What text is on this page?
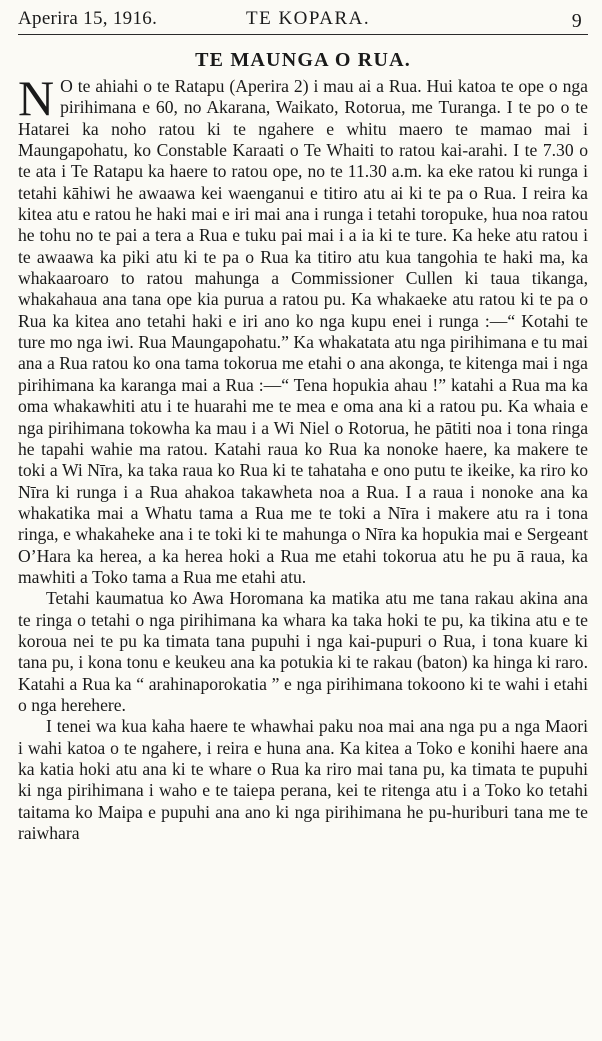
Aperira 15, 1916.	TE KOPARA.	9
TE MAUNGA O RUA.

N O te ahiahi o te Ratapu (Aperira 2) i mau ai a Rua. Hui katoa te ope o nga pirihimana e 60, no Akarana, Waikato, Rotorua, me Turanga. I te po o te Hatarei ka noho ratou ki te ngahere e whitu maero te mamao mai i Maungapohatu, ko Constable Karaati o Te Whaiti to ratou kai-arahi. I te 7.30 o te ata i Te Ratapu ka haere to ratou ope, no te 11.30 a.m. ka eke ratou ki runga i tetahi kāhiwi he awaawa kei waenganui e titiro atu ai ki te pa o Rua. I reira ka kitea atu e ratou he haki mai e iri mai ana i runga i tetahi toropuke, hua noa ratou he tohu no te pai a tera a Rua e tuku pai mai i a ia ki te ture. Ka heke atu ratou i te awaawa ka piki atu ki te pa o Rua ka titiro atu kua tangohia te haki ma, ka whakaaroaro to ratou mahunga a Commissioner Cullen ki taua tikanga, whakahaua ana tana ope kia purua a ratou pu. Ka whakaeke atu ratou ki te pa o Rua ka kitea ano tetahi haki e iri ano ko nga kupu enei i runga :—“ Kotahi te ture mo nga iwi. Rua Maungapohatu.” Ka whakatata atu nga pirihimana e tu mai ana a Rua ratou ko ona tama tokorua me etahi o ana akonga, te kitenga mai i nga pirihimana ka karanga mai a Rua :—“ Tena hopukia ahau !” katahi a Rua ma ka oma whakawhiti atu i te huarahi me te mea e oma ana ki a ratou pu. Ka whaia e nga pirihimana tokowha ka mau i a Wi Niel o Rotorua, he pātiti noa i tona ringa he tapahi wahie ma ratou. Katahi raua ko Rua ka nonoke haere, ka makere te toki a Wi Nīra, ka taka raua ko Rua ki te tahataha e ono putu te ikeike, ka riro ko Nīra ki runga i a Rua ahakoa takawheta noa a Rua. I a raua i nonoke ana ka whakatika mai a Whatu tama a Rua me te toki a Nīra i makere atu ra i tona ringa, e whakaheke ana i te toki ki te mahunga o Nīra ka hopukia mai e Sergeant O’Hara ka herea, a ka herea hoki a Rua me etahi tokorua atu he pu ā raua, ka mawhiti a Toko tama a Rua me etahi atu.

Tetahi kaumatua ko Awa Horomana ka matika atu me tana rakau akina ana te ringa o tetahi o nga pirihimana ka whara ka taka hoki te pu, ka tikina atu e te koroua nei te pu ka timata tana pupuhi i nga kai-pupuri o Rua, i tona kuare ki tana pu, i kona tonu e keukeu ana ka potukia ki te rakau (baton) ka hinga ki raro. Katahi a Rua ka “ arahinaporokatia ” e nga pirihimana tokoono ki te wahi i etahi o nga herehere.

I tenei wa kua kaha haere te whawhai paku noa mai ana nga pu a nga Maori i wahi katoa o te ngahere, i reira e huna ana. Ka kitea a Toko e konihi haere ana ka katia hoki atu ana ki te whare o Rua ka riro mai tana pu, ka timata te pupuhi ki nga pirihimana i waho e te taiepa perana, kei te ritenga atu i a Toko ko tetahi taitama ko Maipa e pupuhi ana ano ki nga pirihimana he pu-huriburi tana me te raiwhara
